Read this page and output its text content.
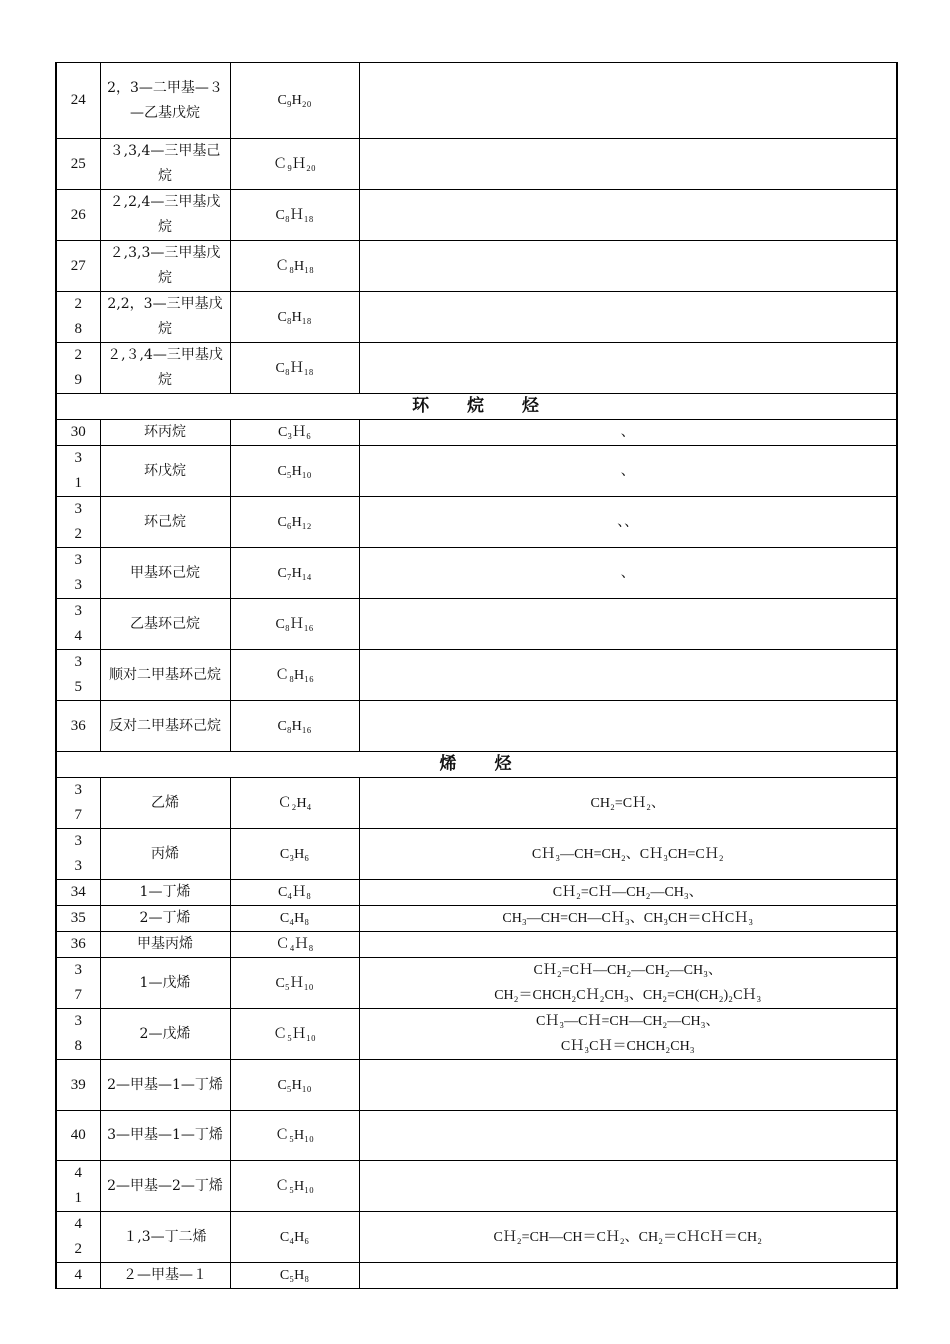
24	2，3—二甲基—３—乙基戊烷	C₉H₂₀	
25	３,3,4—三甲基己烷	Ｃ₉Ｈ₂₀	
26	２,2,4—三甲基戊烷	C₈Ｈ₁₈	
27	２,3,3—三甲基戊烷	Ｃ₈H₁₈	
28	2,2，3—三甲基戊烷	C₈H₁₈	
29	２,３,4—三甲基戊烷	C₈Ｈ₁₈	
环 烷 烃			
30	环丙烷	C₃Ｈ₆	、

31	环戊烷	C₅H₁₀	、

32	环己烷	C₆H₁₂	、、

33	甲基环己烷	C₇H₁₄	、

34	乙基环己烷	C₈Ｈ₁₆	
35	顺对二甲基环己烷	Ｃ₈H₁₆	
36	反对二甲基环己烷	C₈H₁₆	
烯 烃			
37	乙烯	Ｃ₂H₄	CH₂=CＨ₂、

33	丙烯	C₃H₆	CＨ₃—CH=CH₂、CＨ₃CH=CＨ₂

34	1—丁烯	C₄Ｈ₈	CＨ₂=CＨ—CH₂—CH₃、

35	2—丁烯	C₄H₈	CH₃—CH=CH—CＨ₃、CH₃CH＝CＨCＨ₃

36	甲基丙烯	Ｃ₄Ｈ₈	
37	1—戊烯	C₅Ｈ₁₀	CＨ₂=CＨ—CH₂—CH₂—CH₃、
CH₂＝CHCH₂CＨ₂CH₃、CH₂=CH(CH₂)₂CＨ₃

38	2—戊烯	Ｃ₅Ｈ₁₀	CＨ₃—CＨ=CH—CH₂—CH₃、
CＨ₃CＨ＝CHCH₂CH₃

39	2—甲基—1—丁烯	C₅H₁₀	
40	3—甲基—1—丁烯	Ｃ₅H₁₀	
41	2—甲基—2—丁烯	Ｃ₅H₁₀	
42	１,3—丁二烯	C₄H₆	CＨ₂=CH—CH＝CＨ₂、CH₂＝CＨCＨ＝CH₂

4	２—甲基—１	C₅H₈	
